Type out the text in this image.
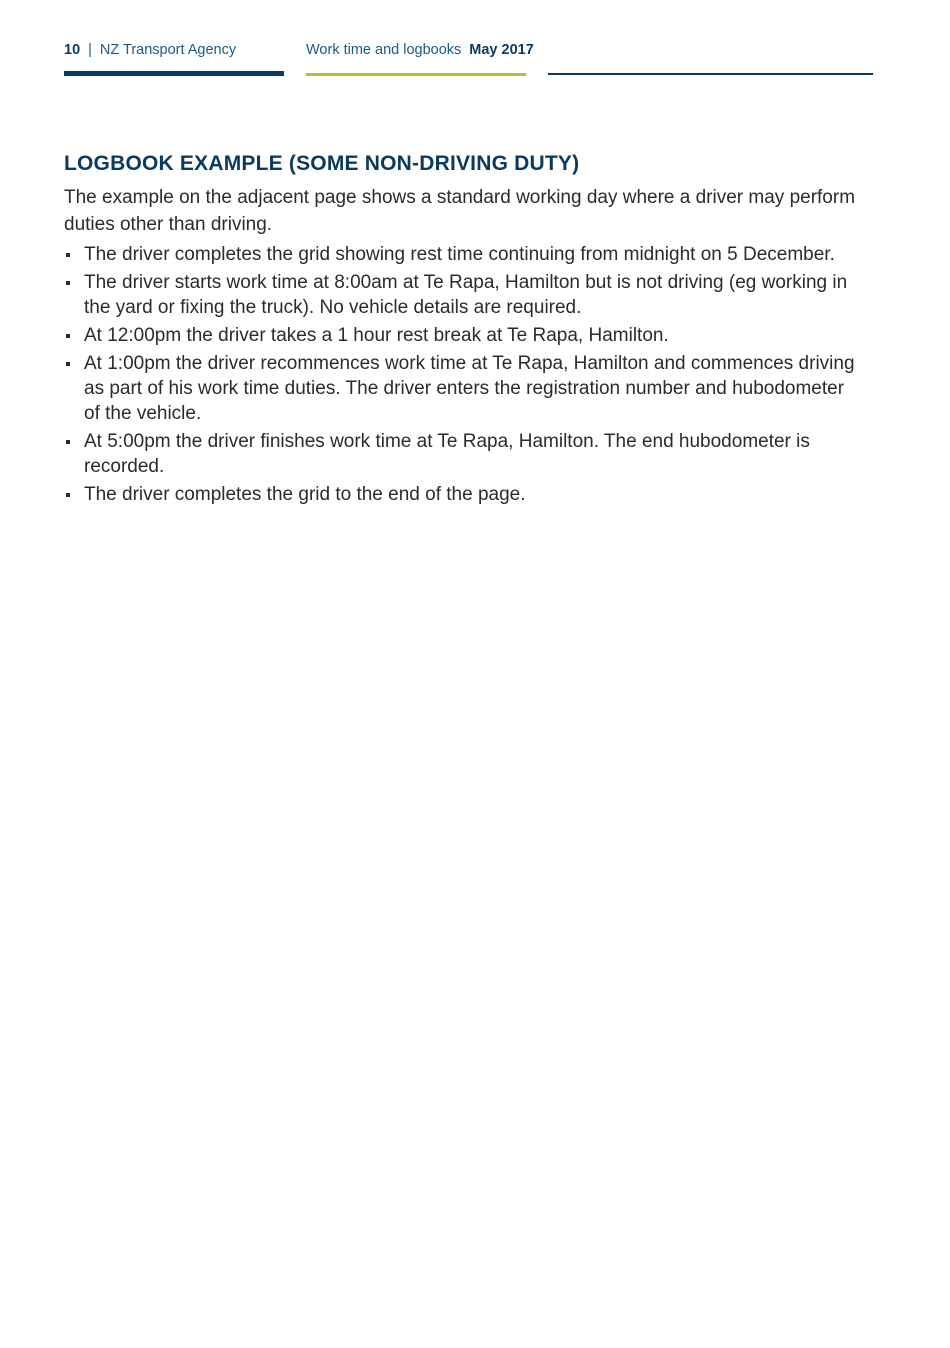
10 | NZ Transport Agency	Work time and logbooks May 2017
LOGBOOK EXAMPLE (SOME NON-DRIVING DUTY)

The example on the adjacent page shows a standard working day where a driver may perform duties other than driving.

The driver completes the grid showing rest time continuing from midnight on 5 December.
The driver starts work time at 8:00am at Te Rapa, Hamilton but is not driving (eg working in the yard or fixing the truck). No vehicle details are required.
At 12:00pm the driver takes a 1 hour rest break at Te Rapa, Hamilton.
At 1:00pm the driver recommences work time at Te Rapa, Hamilton and commences driving as part of his work time duties. The driver enters the registration number and hubodometer of the vehicle.
At 5:00pm the driver finishes work time at Te Rapa, Hamilton. The end hubodometer is recorded.
The driver completes the grid to the end of the page.
